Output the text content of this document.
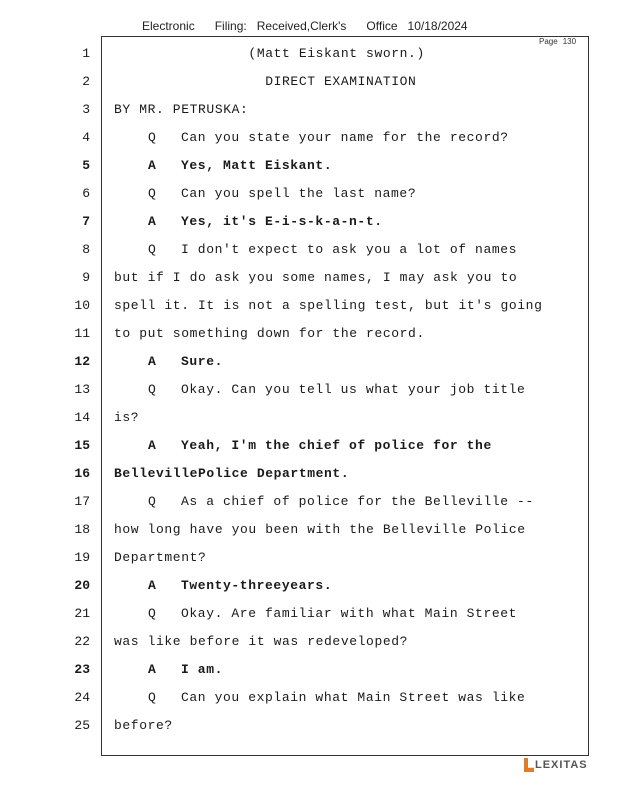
Electronic Filing: Received,Clerk's Office 10/18/2024
Page 130
1
2
3
4
5
6
7
8
9
10
11
12
13
14
15
16
17
18
19
20
21
22
23
24
25
(Matt Eiskant sworn.)
DIRECT EXAMINATION
BY MR. PETRUSKA:
Q Can you state your name for the record?
A Yes, Matt Eiskant.
Q Can you spell the last name?
A Yes, it's E-i-s-k-a-n-t.
Q I don't expect to ask you a lot of names
but if I do ask you some names, I may ask you to
spell it. It is not a spelling test, but it's going
to put something down for the record.
A Sure.
Q Okay. Can you tell us what your job title
is?
A Yeah, I'm the chief of police for the
BellevillePolice Department.
Q As a chief of police for the Belleville --
how long have you been with the Belleville Police
Department?
A Twenty-threeyears.
Q Okay. Are familiar with what Main Street
was like before it was redeveloped?
A I am.
Q Can you explain what Main Street was like
before?
LEXITAS
